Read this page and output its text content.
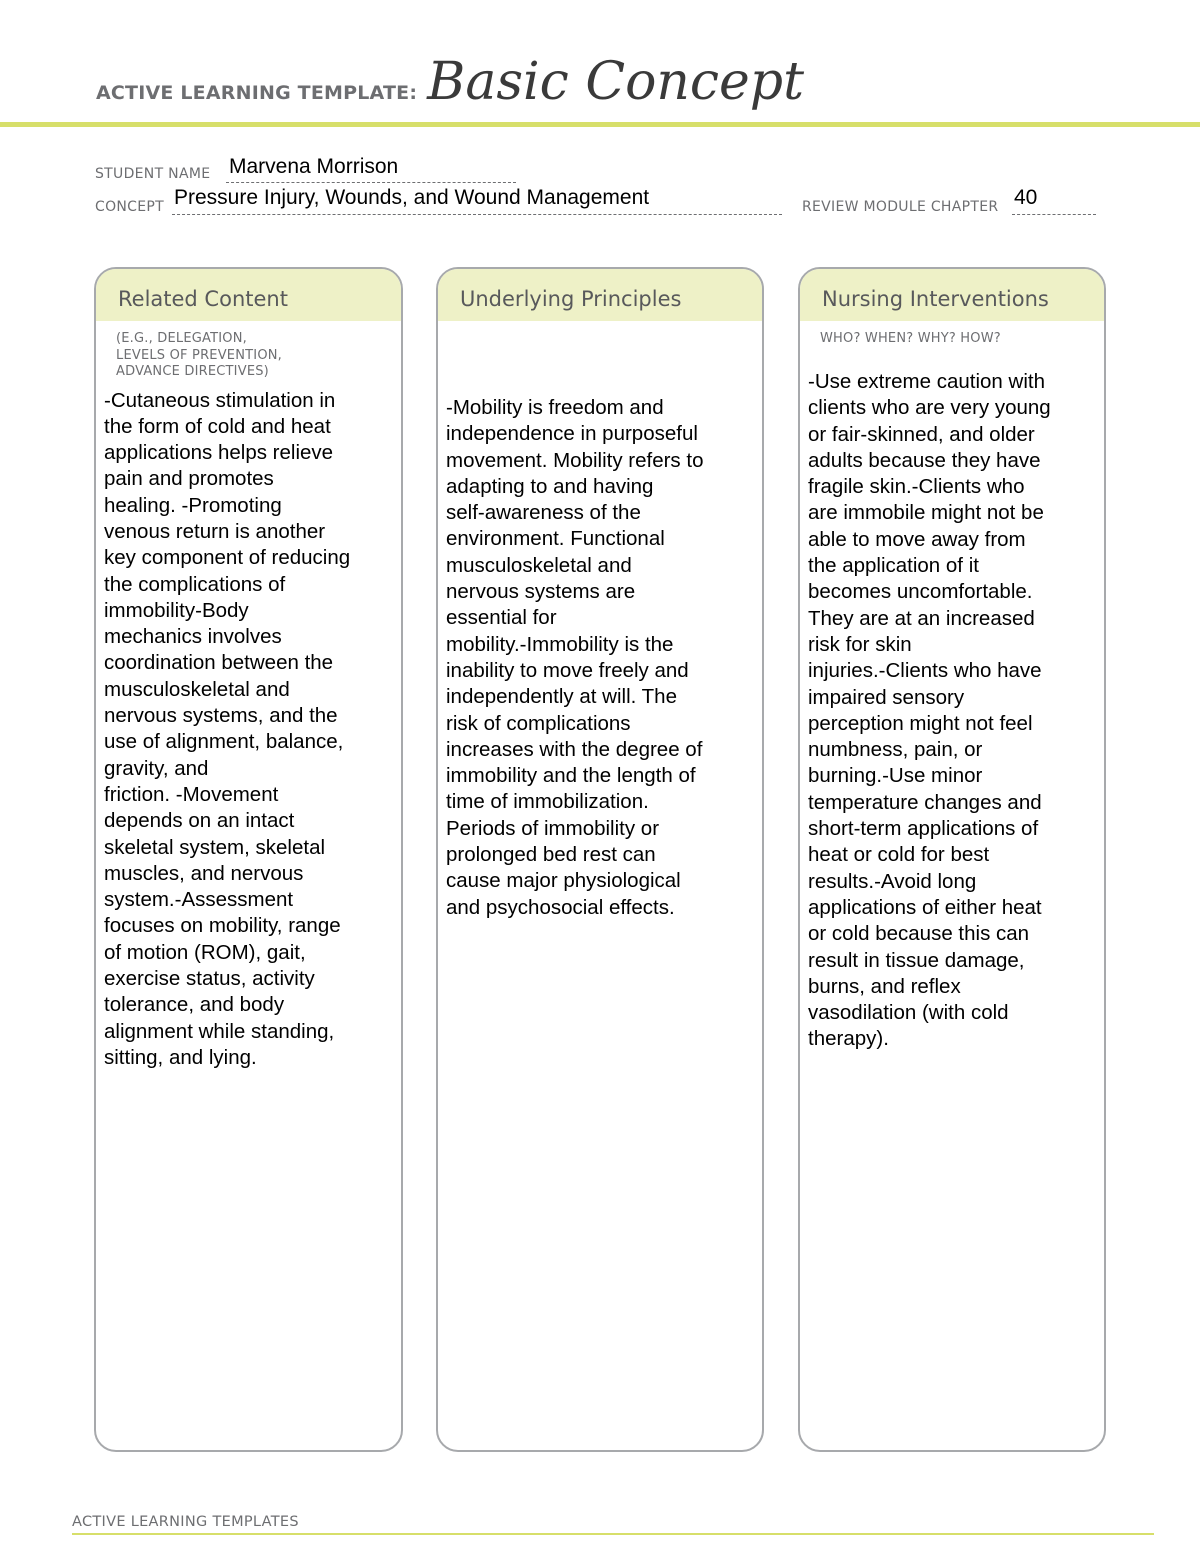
ACTIVE LEARNING TEMPLATE: Basic Concept
STUDENT NAME Marvena Morrison
CONCEPT Pressure Injury, Wounds, and Wound Management	REVIEW MODULE CHAPTER 40
Related Content
(E.G., DELEGATION,
LEVELS OF PREVENTION,
ADVANCE DIRECTIVES)
-Cutaneous stimulation in
the form of cold and heat
applications helps relieve
pain and promotes
healing. -Promoting
venous return is another
key component of reducing
the complications of
immobility-Body
mechanics involves
coordination between the
musculoskeletal and
nervous systems, and the
use of alignment, balance,
gravity, and
friction. -Movement
depends on an intact
skeletal system, skeletal
muscles, and nervous
system.-Assessment
focuses on mobility, range
of motion (ROM), gait,
exercise status, activity
tolerance, and body
alignment while standing,
sitting, and lying.
Underlying Principles
-Mobility is freedom and
independence in purposeful
movement. Mobility refers to
adapting to and having
self-awareness of the
environment. Functional
musculoskeletal and
nervous systems are
essential for
mobility.-Immobility is the
inability to move freely and
independently at will. The
risk of complications
increases with the degree of
immobility and the length of
time of immobilization.
Periods of immobility or
prolonged bed rest can
cause major physiological
and psychosocial effects.
Nursing Interventions
WHO? WHEN? WHY? HOW?
-Use extreme caution with
clients who are very young
or fair-skinned, and older
adults because they have
fragile skin.-Clients who
are immobile might not be
able to move away from
the application of it
becomes uncomfortable.
They are at an increased
risk for skin
injuries.-Clients who have
impaired sensory
perception might not feel
numbness, pain, or
burning.-Use minor
temperature changes and
short-term applications of
heat or cold for best
results.-Avoid long
applications of either heat
or cold because this can
result in tissue damage,
burns, and reflex
vasodilation (with cold
therapy).
ACTIVE LEARNING TEMPLATES
